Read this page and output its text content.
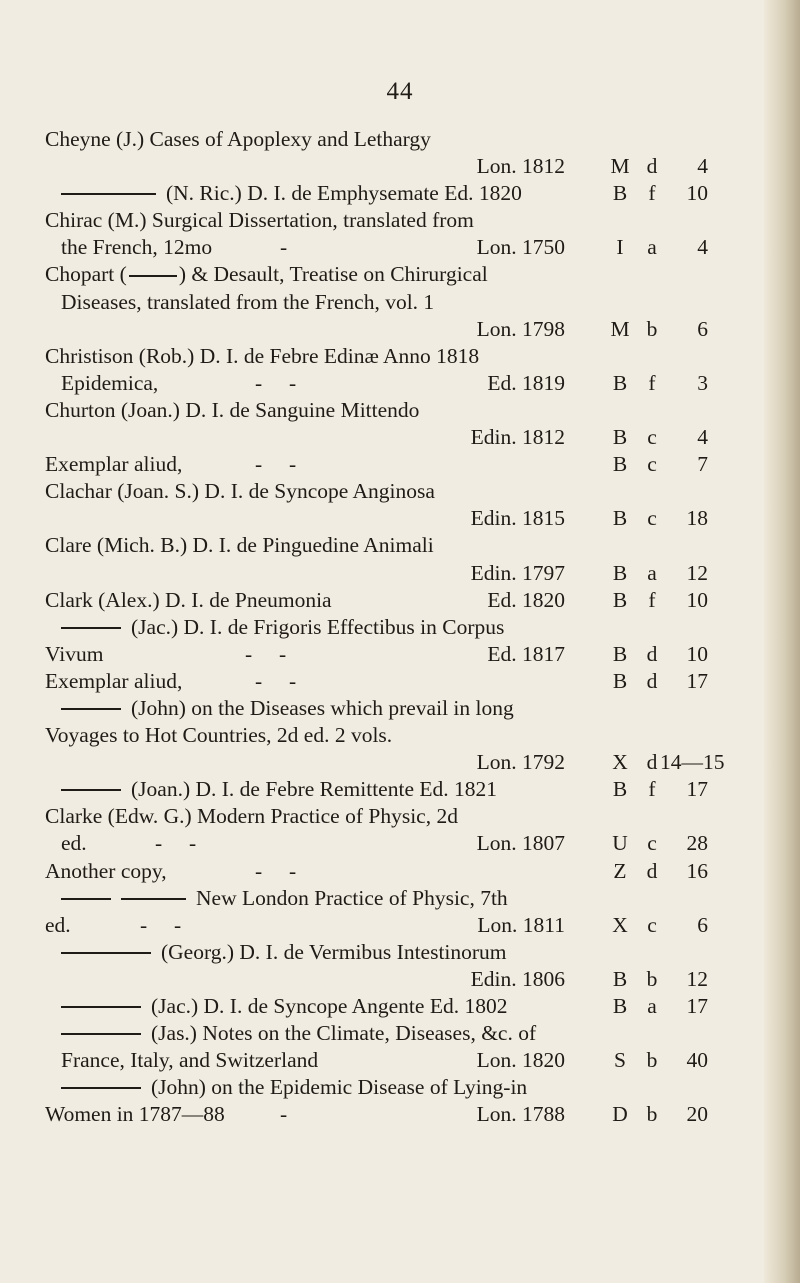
44
Cheyne (J.) Cases of Apoplexy and Lethargy
Lon. 1812 M d	4
(N. Ric.) D. I. de Emphysemate Ed. 1820	B f	10
Chirac (M.) Surgical Dissertation, translated from
the French, 12mo	-	Lon. 1750 I a	4
Chopart ( ) & Desault, Treatise on Chirurgical
Diseases, translated from the French, vol. 1
Lon. 1798 M b	6
Christison (Rob.) D. I. de Febre Edinæ Anno 1818
Epidemica,	-     -	Ed. 1819 B f	3
Churton (Joan.) D. I. de Sanguine Mittendo
Edin. 1812 B c	4
Exemplar aliud,	-     -	B c	7
Clachar (Joan. S.) D. I. de Syncope Anginosa
Edin. 1815 B c	18
Clare (Mich. B.) D. I. de Pinguedine Animali
Edin. 1797 B a	12
Clark (Alex.) D. I. de Pneumonia	Ed. 1820 B f	10
(Jac.) D. I. de Frigoris Effectibus in Corpus
Vivum	-     -	Ed. 1817 B d	10
Exemplar aliud,	-     -	B d	17
(John) on the Diseases which prevail in long
Voyages to Hot Countries, 2d ed. 2 vols.
Lon. 1792 X d 14—15
(Joan.) D. I. de Febre Remittente Ed. 1821	B f	17
Clarke (Edw. G.) Modern Practice of Physic, 2d
ed.	-     -	Lon. 1807 U c	28
Another copy,	-     -	Z d	16
New London Practice of Physic, 7th
ed.	-     -	Lon. 1811 X c	6
(Georg.) D. I. de Vermibus Intestinorum
Edin. 1806 B b	12
(Jac.) D. I. de Syncope Angente Ed. 1802	B a	17
(Jas.) Notes on the Climate, Diseases, &c. of
France, Italy, and Switzerland	Lon. 1820 S b	40
(John) on the Epidemic Disease of Lying-in
Women in 1787—88	-	Lon. 1788 D b	20
